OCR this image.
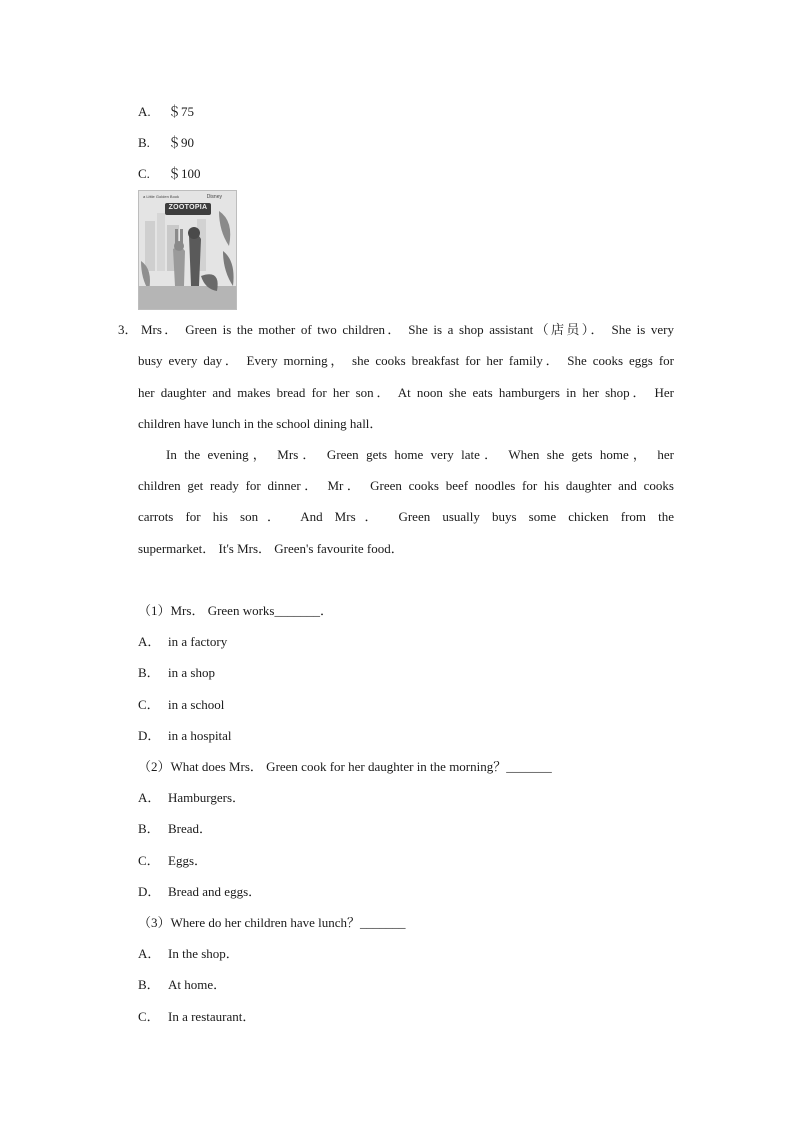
A. ＄75
B. ＄90
C. ＄100
a Little Golden Book	Disney
ZOOTOPIA
3． Mrs． Green is the mother of two children． She is a shop assistant（店员）． She is very
busy every day． Every morning， she cooks breakfast for her family． She cooks eggs for
her daughter and makes bread for her son． At noon she eats hamburgers in her shop． Her
children have lunch in the school dining hall．
In the evening， Mrs． Green gets home very late． When she gets home， her
children get ready for dinner． Mr． Green cooks beef noodles for his daughter and cooks
carrots for his son． And Mrs． Green usually buys some chicken from the
supermarket． It's Mrs． Green's favourite food．
（1）Mrs． Green works_______．
A． in a factory
B． in a shop
C． in a school
D． in a hospital
（2）What does Mrs． Green cook for her daughter in the morning？_______
A． Hamburgers．
B． Bread．
C． Eggs．
D． Bread and eggs．
（3）Where do her children have lunch？_______
A． In the shop．
B． At home．
C． In a restaurant．
